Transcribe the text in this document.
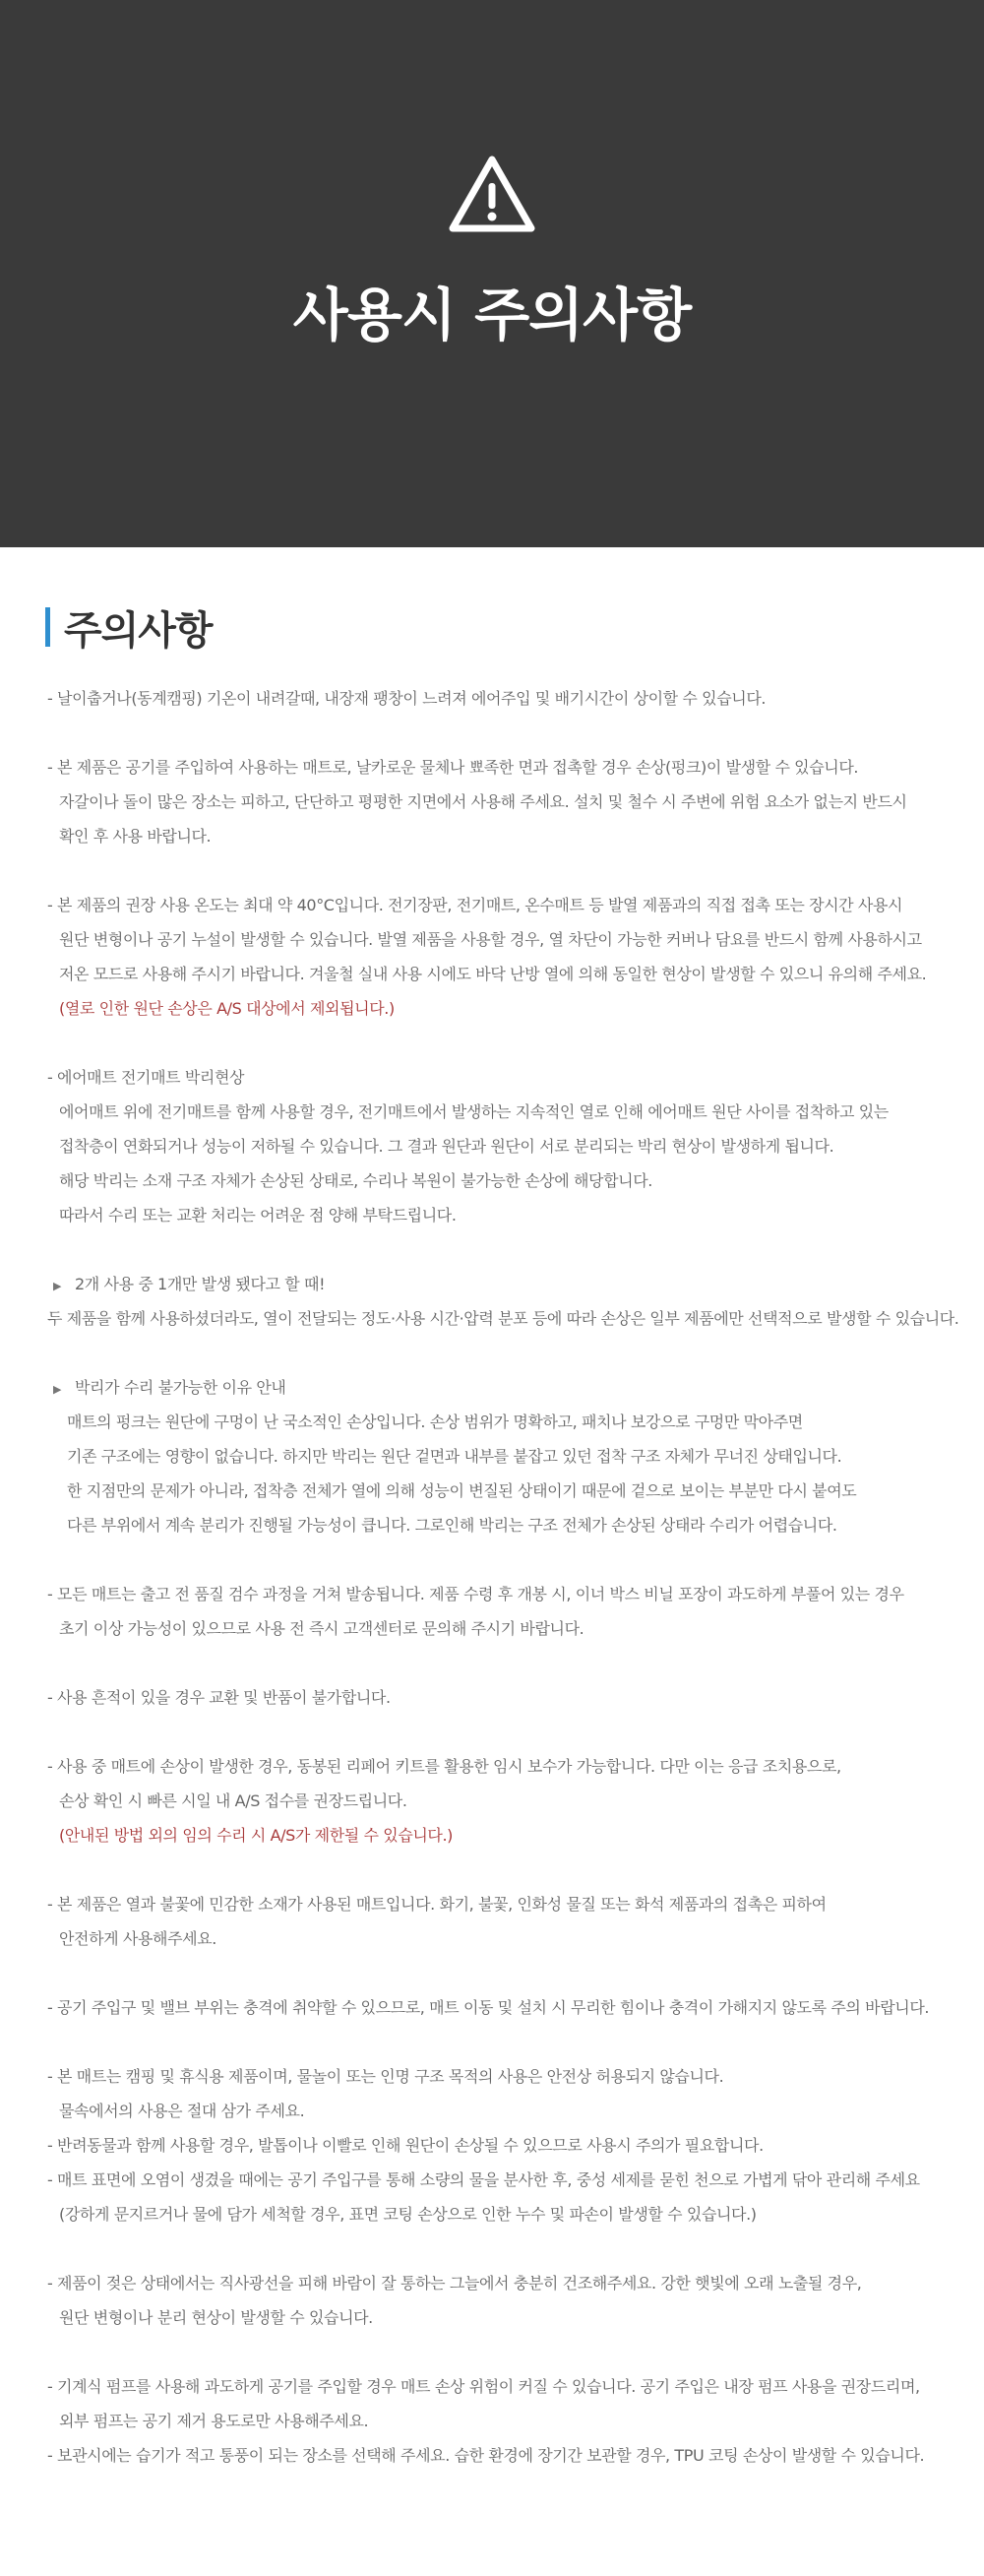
사용시 주의사항
주의사항
- 날이춥거나(동계캠핑) 기온이 내려갈때, 내장재 팽창이 느려져 에어주입 및 배기시간이 상이할 수 있습니다.
- 본 제품은 공기를 주입하여 사용하는 매트로, 날카로운 물체나 뾰족한 면과 접촉할 경우 손상(펑크)이 발생할 수 있습니다.
자갈이나 돌이 많은 장소는 피하고, 단단하고 평평한 지면에서 사용해 주세요. 설치 및 철수 시 주변에 위험 요소가 없는지 반드시
확인 후 사용 바랍니다.
- 본 제품의 권장 사용 온도는 최대 약 40°C입니다. 전기장판, 전기매트, 온수매트 등 발열 제품과의 직접 접촉 또는 장시간 사용시
원단 변형이나 공기 누설이 발생할 수 있습니다. 발열 제품을 사용할 경우, 열 차단이 가능한 커버나 담요를 반드시 함께 사용하시고
저온 모드로 사용해 주시기 바랍니다. 겨울철 실내 사용 시에도 바닥 난방 열에 의해 동일한 현상이 발생할 수 있으니 유의해 주세요.
(열로 인한 원단 손상은 A/S 대상에서 제외됩니다.)
- 에어매트 전기매트 박리현상
에어매트 위에 전기매트를 함께 사용할 경우, 전기매트에서 발생하는 지속적인 열로 인해 에어매트 원단 사이를 접착하고 있는
접착층이 연화되거나 성능이 저하될 수 있습니다. 그 결과 원단과 원단이 서로 분리되는 박리 현상이 발생하게 됩니다.
해당 박리는 소재 구조 자체가 손상된 상태로, 수리나 복원이 불가능한 손상에 해당합니다.
따라서 수리 또는 교환 처리는 어려운 점 양해 부탁드립니다.
▶ 2개 사용 중 1개만 발생 됐다고 할 때!
두 제품을 함께 사용하셨더라도, 열이 전달되는 정도·사용 시간·압력 분포 등에 따라 손상은 일부 제품에만 선택적으로 발생할 수 있습니다.
▶ 박리가 수리 불가능한 이유 안내
매트의 펑크는 원단에 구멍이 난 국소적인 손상입니다. 손상 범위가 명확하고, 패치나 보강으로 구멍만 막아주면
기존 구조에는 영향이 없습니다. 하지만 박리는 원단 겉면과 내부를 붙잡고 있던 접착 구조 자체가 무너진 상태입니다.
한 지점만의 문제가 아니라, 접착층 전체가 열에 의해 성능이 변질된 상태이기 때문에 겉으로 보이는 부분만 다시 붙여도
다른 부위에서 계속 분리가 진행될 가능성이 큽니다. 그로인해 박리는 구조 전체가 손상된 상태라 수리가 어렵습니다.
- 모든 매트는 출고 전 품질 검수 과정을 거쳐 발송됩니다. 제품 수령 후 개봉 시, 이너 박스 비닐 포장이 과도하게 부풀어 있는 경우
초기 이상 가능성이 있으므로 사용 전 즉시 고객센터로 문의해 주시기 바랍니다.
- 사용 흔적이 있을 경우 교환 및 반품이 불가합니다.
- 사용 중 매트에 손상이 발생한 경우, 동봉된 리페어 키트를 활용한 임시 보수가 가능합니다. 다만 이는 응급 조치용으로,
손상 확인 시 빠른 시일 내 A/S 접수를 권장드립니다.
(안내된 방법 외의 임의 수리 시 A/S가 제한될 수 있습니다.)
- 본 제품은 열과 불꽃에 민감한 소재가 사용된 매트입니다. 화기, 불꽃, 인화성 물질 또는 화석 제품과의 접촉은 피하여
안전하게 사용해주세요.
- 공기 주입구 및 밸브 부위는 충격에 취약할 수 있으므로, 매트 이동 및 설치 시 무리한 힘이나 충격이 가해지지 않도록 주의 바랍니다.
- 본 매트는 캠핑 및 휴식용 제품이며, 물놀이 또는 인명 구조 목적의 사용은 안전상 허용되지 않습니다.
물속에서의 사용은 절대 삼가 주세요.
- 반려동물과 함께 사용할 경우, 발톱이나 이빨로 인해 원단이 손상될 수 있으므로 사용시 주의가 필요합니다.
- 매트 표면에 오염이 생겼을 때에는 공기 주입구를 통해 소량의 물을 분사한 후, 중성 세제를 묻힌 천으로 가볍게 닦아 관리해 주세요
(강하게 문지르거나 물에 담가 세척할 경우, 표면 코팅 손상으로 인한 누수 및 파손이 발생할 수 있습니다.)
- 제품이 젖은 상태에서는 직사광선을 피해 바람이 잘 통하는 그늘에서 충분히 건조해주세요. 강한 햇빛에 오래 노출될 경우,
원단 변형이나 분리 현상이 발생할 수 있습니다.
- 기계식 펌프를 사용해 과도하게 공기를 주입할 경우 매트 손상 위험이 커질 수 있습니다. 공기 주입은 내장 펌프 사용을 권장드리며,
외부 펌프는 공기 제거 용도로만 사용해주세요.
- 보관시에는 습기가 적고 통풍이 되는 장소를 선택해 주세요. 습한 환경에 장기간 보관할 경우, TPU 코팅 손상이 발생할 수 있습니다.
